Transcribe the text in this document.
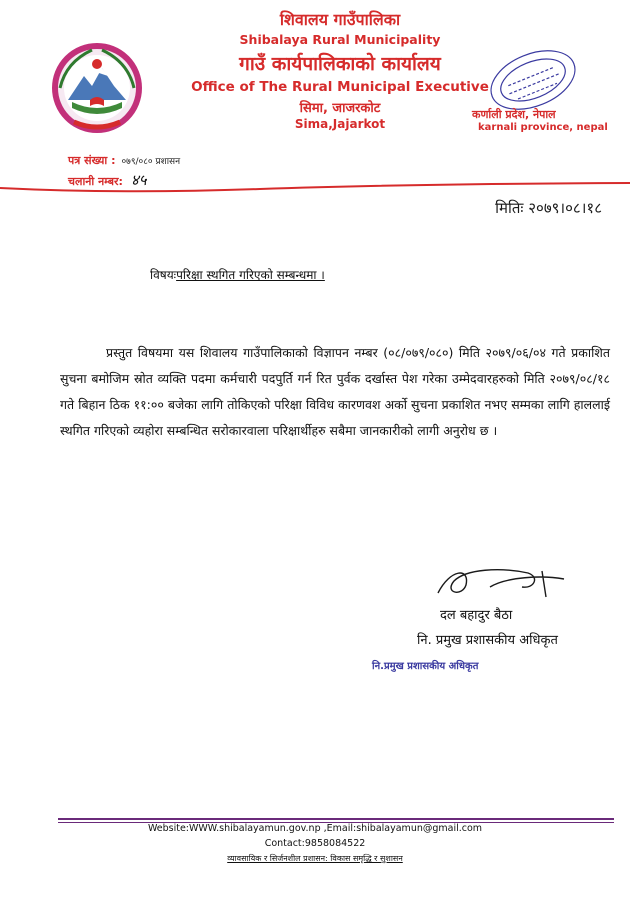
शिवालय गाउँपालिका
Shibalaya Rural Municipality
गाउँ कार्यपालिकाको कार्यालय
Office of The Rural Municipal Executive
सिमा, जाजरकोट
Sima,Jajarkot
कर्णाली प्रदेश, नेपाल
karnali province, nepal
पत्र संख्या : ०७९/०८० प्रशासन
चलानी नम्बर: ४५
मितिः २०७९।०८।१८
विषयःपरिक्षा स्थगित गरिएको सम्बन्धमा ।

प्रस्तुत विषयमा यस शिवालय गाउँपालिकाको विज्ञापन नम्बर (०८/०७९/०८०) मिति २०७९/०६/०४ गते प्रकाशित सुचना बमोजिम स्रोत व्यक्ति पदमा कर्मचारी पदपुर्ति गर्न रित पुर्वक दर्खास्त पेश गरेका उम्मेदवारहरुको मिति २०७९/०८/१८ गते बिहान ठिक ११:०० बजेका लागि तोकिएको परिक्षा विविध कारणवश अर्को सुचना प्रकाशित नभए सम्मका लागि हाललाई स्थगित गरिएको व्यहोरा सम्बन्धित सरोकारवाला परिक्षार्थीहरु सबैमा जानकारीको लागी अनुरोध छ ।

दल बहादुर बैठा
नि. प्रमुख प्रशासकीय अधिकृत
नि.प्रमुख प्रशासकीय अधिकृत
Website:WWW.shibalayamun.gov.np ,Email:shibalayamun@gmail.com
Contact:9858084522
व्यावसायिक र सिर्जनशील प्रशासन: विकास समृद्धि र सुशासन
